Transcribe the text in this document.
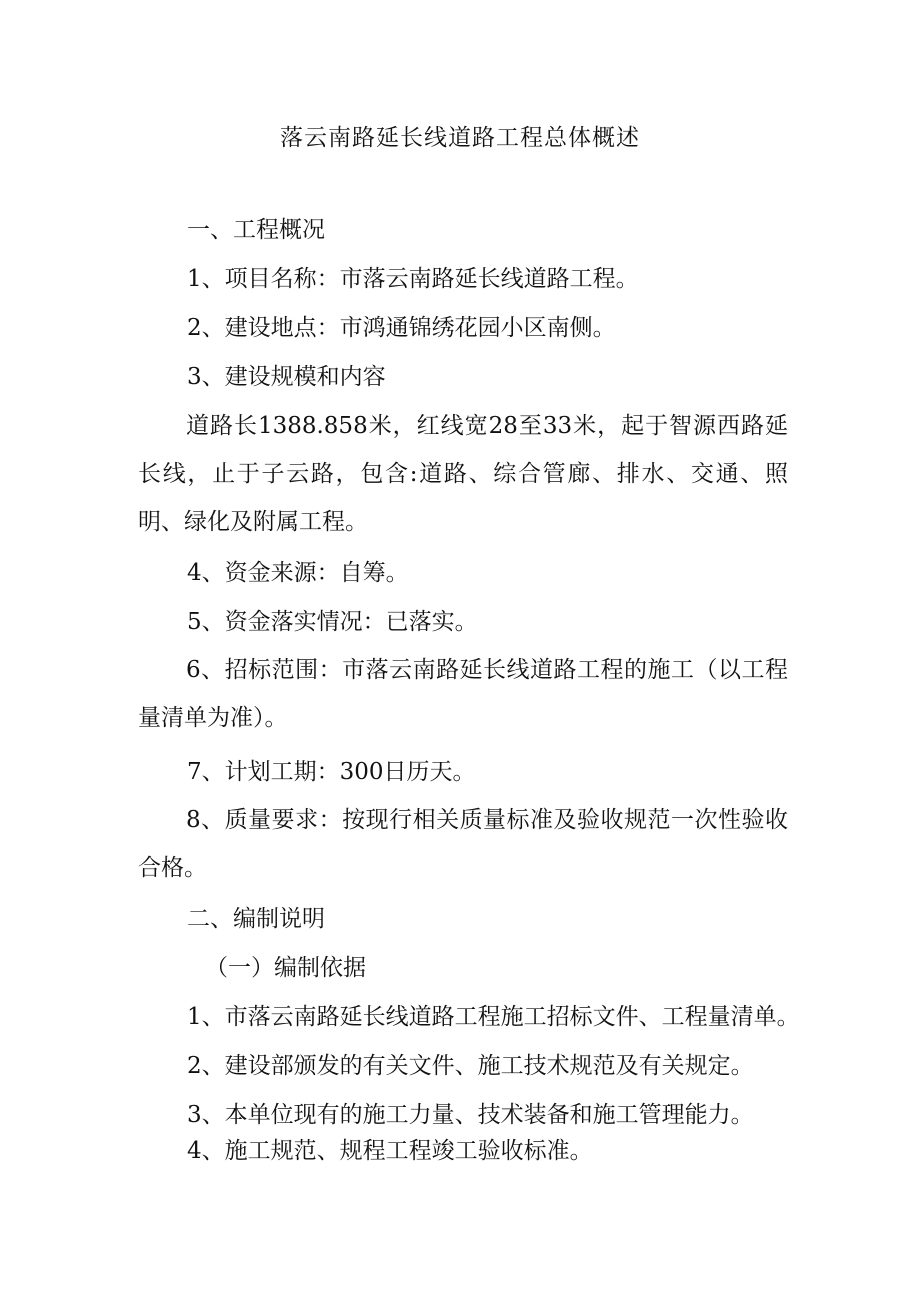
落云南路延长线道路工程总体概述
一、工程概况
1、项目名称：市落云南路延长线道路工程。
2、建设地点：市鸿通锦绣花园小区南侧。
3、建设规模和内容
道路长1388.858米，红线宽28至33米，起于智源西路延长线，止于子云路，包含:道路、综合管廊、排水、交通、照明、绿化及附属工程。
4、资金来源：自筹。
5、资金落实情况：已落实。
6、招标范围：市落云南路延长线道路工程的施工（以工程量清单为准）。
7、计划工期：300日历天。
8、质量要求：按现行相关质量标准及验收规范一次性验收合格。
二、编制说明
（一）编制依据
1、市落云南路延长线道路工程施工招标文件、工程量清单。
2、建设部颁发的有关文件、施工技术规范及有关规定。
3、本单位现有的施工力量、技术装备和施工管理能力。
4、施工规范、规程工程竣工验收标准。
